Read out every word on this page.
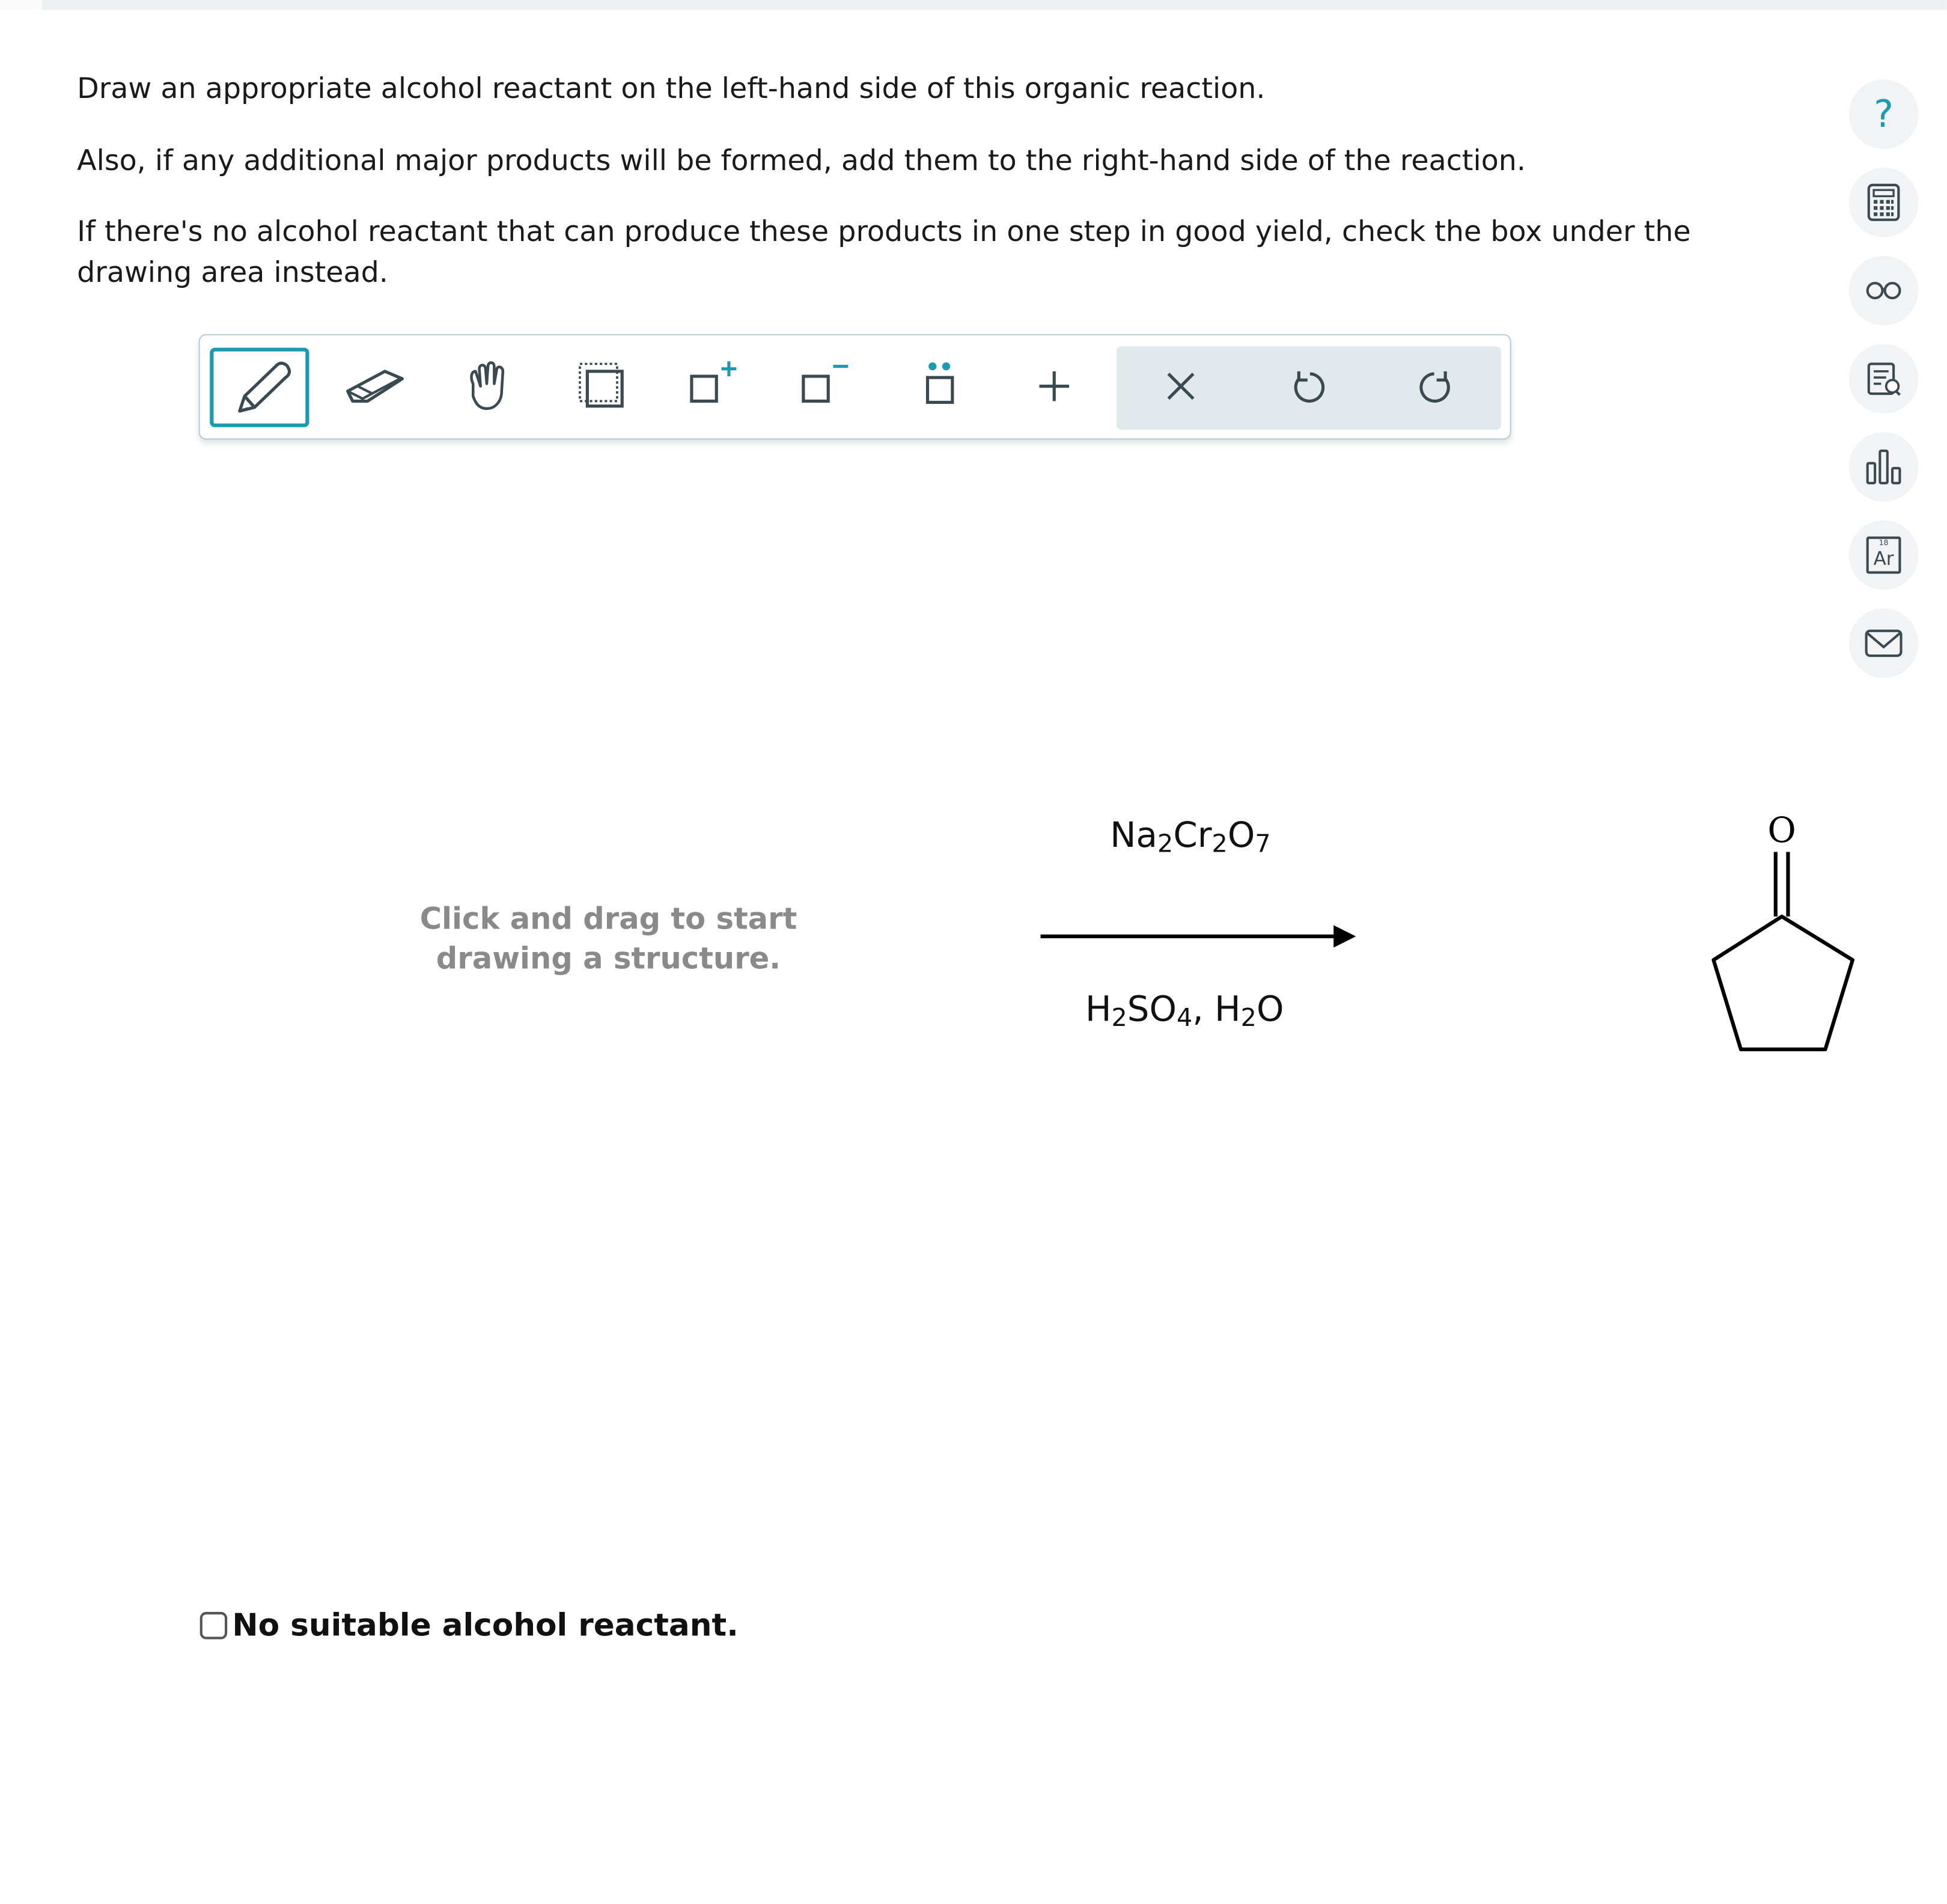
Draw an appropriate alcohol reactant on the left-hand side of this organic reaction.

Also, if any additional major products will be formed, add them to the right-hand side of the reaction.

If there's no alcohol reactant that can produce these products in one step in good yield, check the box under the drawing area instead.

?
18
Ar
Click and drag to start drawing a structure.
$Na_2Cr_2O_7$
$H_2SO_4$, $H_2O$
O
No suitable alcohol reactant.
